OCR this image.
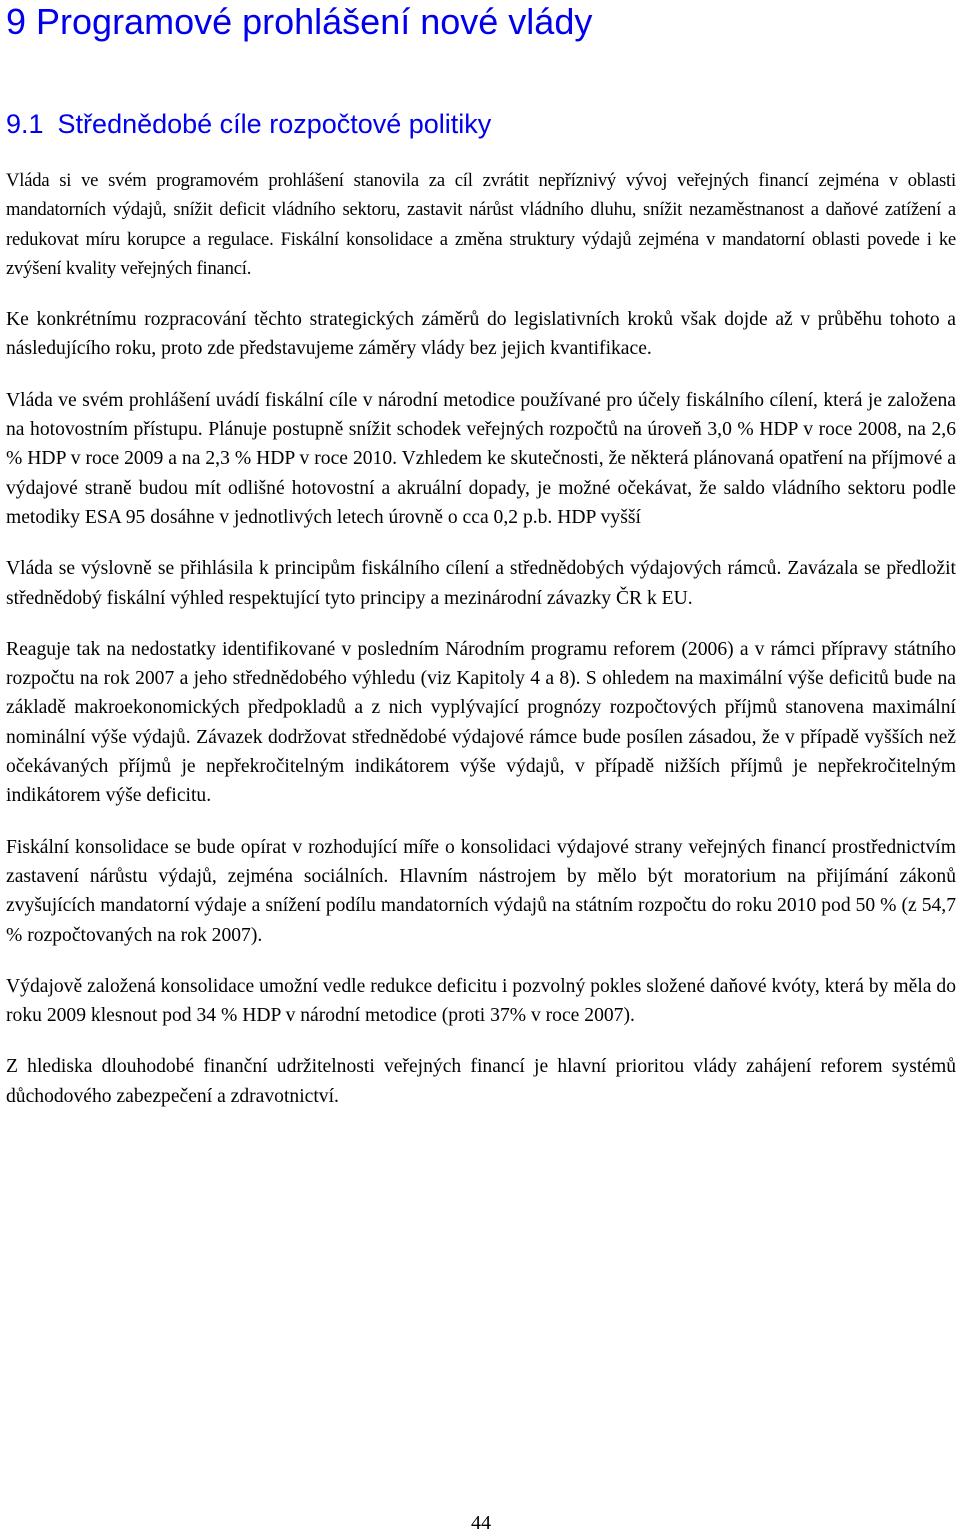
9 Programové prohlášení nové vlády
9.1 Střednědobé cíle rozpočtové politiky

Vláda si ve svém programovém prohlášení stanovila za cíl zvrátit nepříznivý vývoj veřejných financí zejména v oblasti mandatorních výdajů, snížit deficit vládního sektoru, zastavit nárůst vládního dluhu, snížit nezaměstnanost a daňové zatížení a redukovat míru korupce a regulace. Fiskální konsolidace a změna struktury výdajů zejména v mandatorní oblasti povede i ke zvýšení kvality veřejných financí.

Ke konkrétnímu rozpracování těchto strategických záměrů do legislativních kroků však dojde až v průběhu tohoto a následujícího roku, proto zde představujeme záměry vlády bez jejich kvantifikace.

Vláda ve svém prohlášení uvádí fiskální cíle v národní metodice používané pro účely fiskálního cílení, která je založena na hotovostním přístupu. Plánuje postupně snížit schodek veřejných rozpočtů na úroveň 3,0 % HDP v roce 2008, na 2,6 % HDP v roce 2009 a na 2,3 % HDP v roce 2010. Vzhledem ke skutečnosti, že některá plánovaná opatření na příjmové a výdajové straně budou mít odlišné hotovostní a akruální dopady, je možné očekávat, že saldo vládního sektoru podle metodiky ESA 95 dosáhne v jednotlivých letech úrovně o cca 0,2 p.b. HDP vyšší

Vláda se výslovně se přihlásila k principům fiskálního cílení a střednědobých výdajových rámců. Zavázala se předložit střednědobý fiskální výhled respektující tyto principy a mezinárodní závazky ČR k EU.

Reaguje tak na nedostatky identifikované v posledním Národním programu reforem (2006) a v rámci přípravy státního rozpočtu na rok 2007 a jeho střednědobého výhledu (viz Kapitoly 4 a 8). S ohledem na maximální výše deficitů bude na základě makroekonomických předpokladů a z nich vyplývající prognózy rozpočtových příjmů stanovena maximální nominální výše výdajů. Závazek dodržovat střednědobé výdajové rámce bude posílen zásadou, že v případě vyšších než očekávaných příjmů je nepřekročitelným indikátorem výše výdajů, v případě nižších příjmů je nepřekročitelným indikátorem výše deficitu.

Fiskální konsolidace se bude opírat v rozhodující míře o konsolidaci výdajové strany veřejných financí prostřednictvím zastavení nárůstu výdajů, zejména sociálních. Hlavním nástrojem by mělo být moratorium na přijímání zákonů zvyšujících mandatorní výdaje a snížení podílu mandatorních výdajů na státním rozpočtu do roku 2010 pod 50 % (z 54,7 % rozpočtovaných na rok 2007).

Výdajově založená konsolidace umožní vedle redukce deficitu i pozvolný pokles složené daňové kvóty, která by měla do roku 2009 klesnout pod 34 % HDP v národní metodice (proti 37% v roce 2007).

Z hlediska dlouhodobé finanční udržitelnosti veřejných financí je hlavní prioritou vlády zahájení reforem systémů důchodového zabezpečení a zdravotnictví.

44
